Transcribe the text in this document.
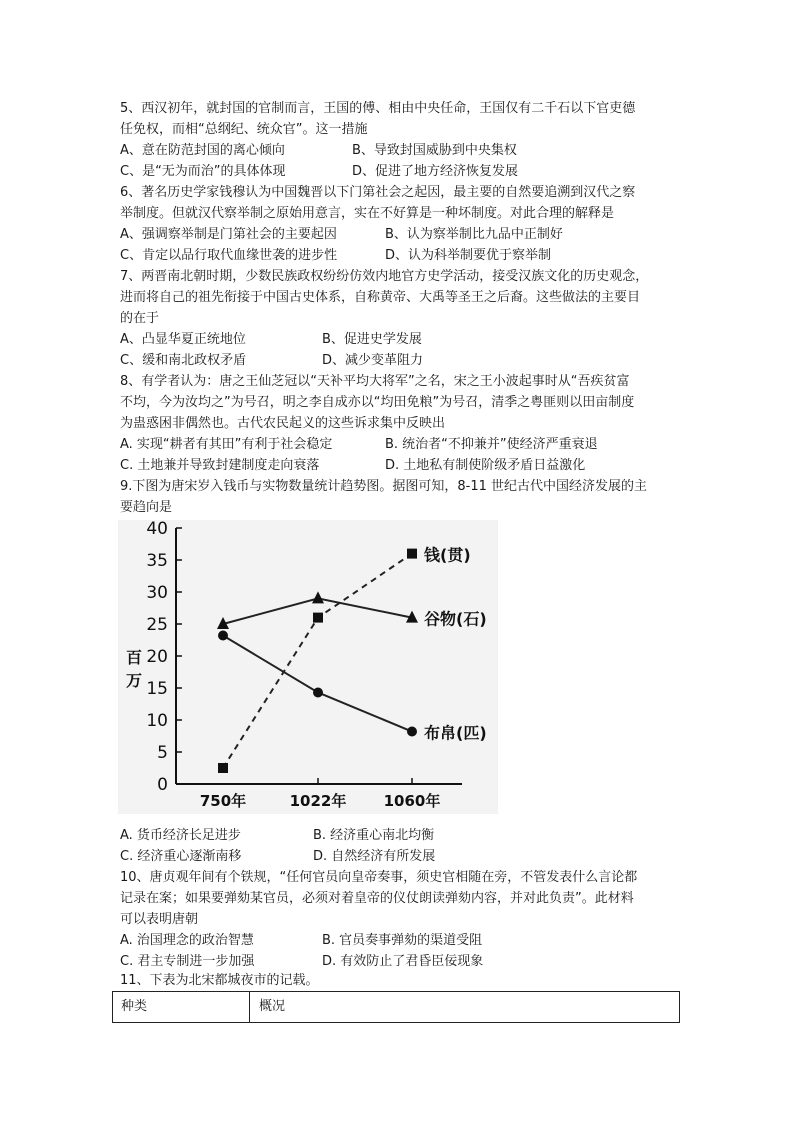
5、西汉初年，就封国的官制而言，王国的傅、相由中央任命，王国仅有二千石以下官吏德
任免权，而相“总纲纪、统众官”。这一措施
A、意在防范封国的离心倾向	B、导致封国威胁到中央集权
C、是“无为而治”的具体体现	D、促进了地方经济恢复发展
6、著名历史学家钱穆认为中国魏晋以下门第社会之起因，最主要的自然要追溯到汉代之察
举制度。但就汉代察举制之原始用意言，实在不好算是一种坏制度。对此合理的解释是
A、强调察举制是门第社会的主要起因	B、认为察举制比九品中正制好
C、肯定以品行取代血缘世袭的进步性	D、认为科举制要优于察举制
7、两晋南北朝时期，少数民族政权纷纷仿效内地官方史学活动，接受汉族文化的历史观念，
进而将自己的祖先衔接于中国古史体系，自称黄帝、大禹等圣王之后裔。这些做法的主要目
的在于
A、凸显华夏正统地位	B、促进史学发展
C、缓和南北政权矛盾	D、减少变革阻力
8、有学者认为：唐之王仙芝冠以“天补平均大将军”之名，宋之王小波起事时从“吾疾贫富
不均，今为汝均之”为号召，明之李自成亦以“均田免粮”为号召，清季之粤匪则以田亩制度
为蛊惑困非偶然也。古代农民起义的这些诉求集中反映出
A. 实现“耕者有其田”有利于社会稳定	B. 统治者“不抑兼并”使经济严重衰退
C. 土地兼并导致封建制度走向衰落	D. 土地私有制使阶级矛盾日益激化
9.下图为唐宋岁入钱币与实物数量统计趋势图。据图可知，8-11 世纪古代中国经济发展的主
要趋向是
0
5
10
15
20
25
30
35
40
750年	1022年 1060年
百
万
钱(贯)
谷物(石)
布帛(匹)
A. 货币经济长足进步	B. 经济重心南北均衡
C. 经济重心逐渐南移	D. 自然经济有所发展
10、唐贞观年间有个铁规，“任何官员向皇帝奏事，须史官相随在旁，不管发表什么言论都
记录在案；如果要弹劾某官员，必须对着皇帝的仪仗朗读弹劾内容，并对此负责”。此材料
可以表明唐朝
A. 治国理念的政治智慧	B. 官员奏事弹劾的渠道受阻
C. 君主专制进一步加强	D. 有效防止了君昏臣佞现象
11、下表为北宋都城夜市的记载。
种类	概况
